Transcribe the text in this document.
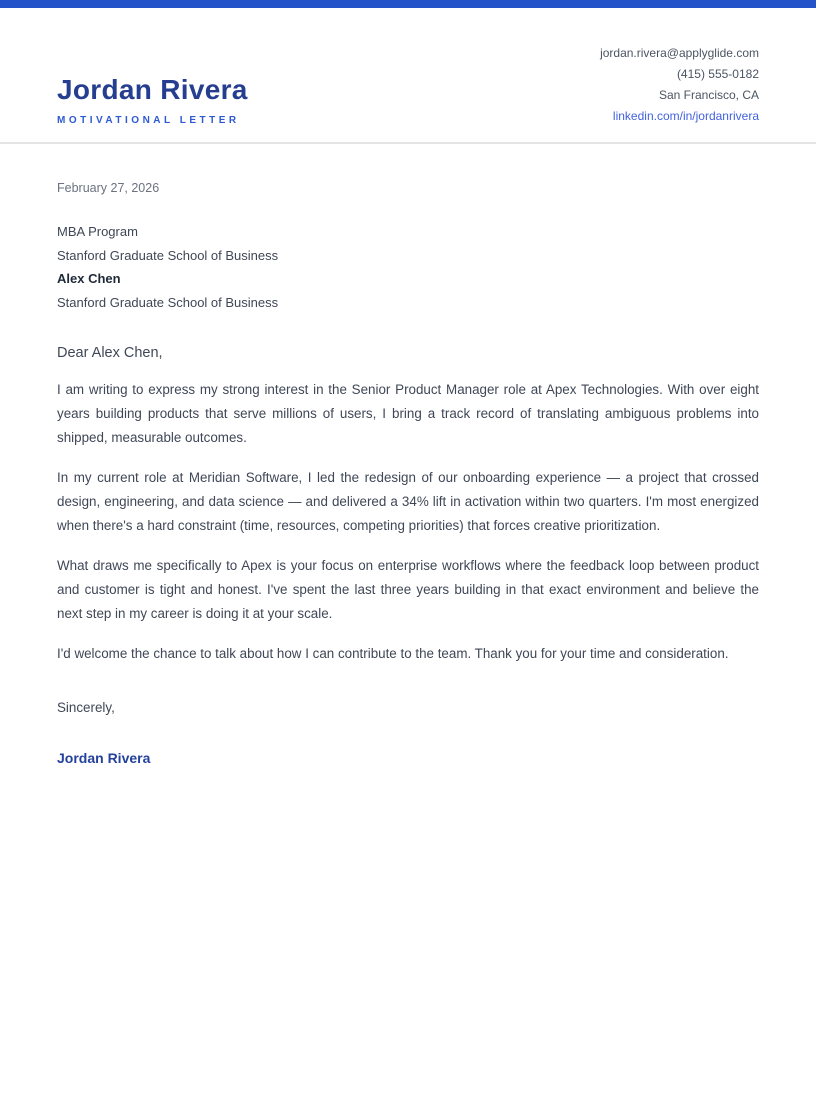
Jordan Rivera
MOTIVATIONAL LETTER
jordan.rivera@applyglide.com
(415) 555-0182
San Francisco, CA
linkedin.com/in/jordanrivera
February 27, 2026
MBA Program
Stanford Graduate School of Business
Alex Chen
Stanford Graduate School of Business
Dear Alex Chen,

I am writing to express my strong interest in the Senior Product Manager role at Apex Technologies. With over eight years building products that serve millions of users, I bring a track record of translating ambiguous problems into shipped, measurable outcomes.

In my current role at Meridian Software, I led the redesign of our onboarding experience — a project that crossed design, engineering, and data science — and delivered a 34% lift in activation within two quarters. I'm most energized when there's a hard constraint (time, resources, competing priorities) that forces creative prioritization.

What draws me specifically to Apex is your focus on enterprise workflows where the feedback loop between product and customer is tight and honest. I've spent the last three years building in that exact environment and believe the next step in my career is doing it at your scale.

I'd welcome the chance to talk about how I can contribute to the team. Thank you for your time and consideration.

Sincerely,
Jordan Rivera
